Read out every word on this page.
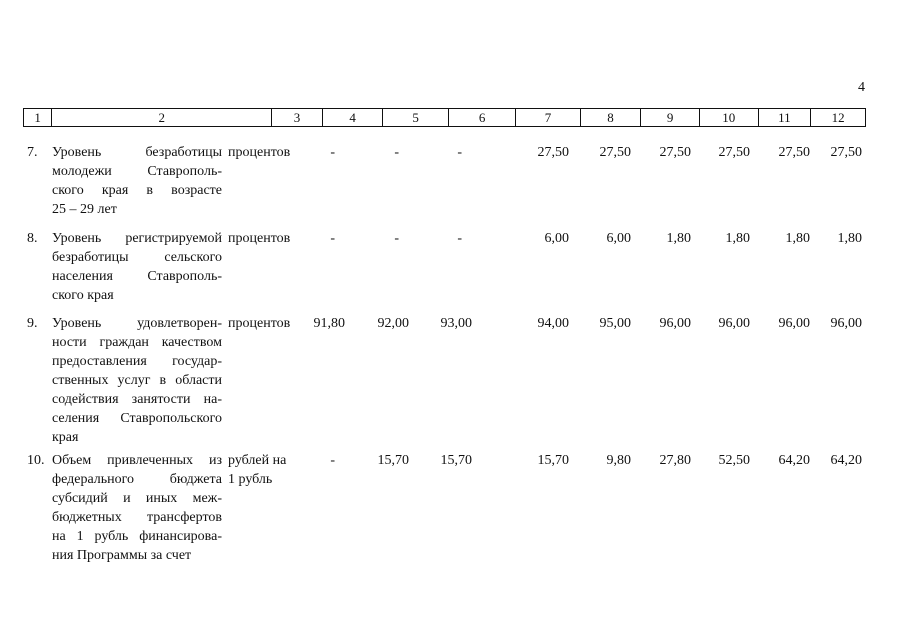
4
1	2	3	4	5	6	7	8	9	10	11	12
7.	Уровень безработицы
молодежи Ставрополь-
ского края в возрасте
25 – 29 лет
процентов	-	-	-	27,50 27,50 27,50 27,50 27,50 27,50
8.	Уровень регистрируемой
безработицы сельского
населения Ставрополь-
ского края
процентов	-	-	-	6,00	6,00	1,80 1,80	1,80 1,80
9.	Уровень удовлетворен-
ности граждан качеством
предоставления государ-
ственных услуг в области
содействия занятости на-
селения Ставропольского
края
процентов	91,80 92,00 93,00	94,00 95,00 96,00 96,00 96,00 96,00
10. Объем привлеченных из
федерального бюджета
субсидий и иных меж-
бюджетных трансфертов
на 1 рубль финансирова-
ния Программы за счет
рублей на
1 рубль
-	15,70 15,70	15,70	9,80 27,80 52,50 64,20 64,20
